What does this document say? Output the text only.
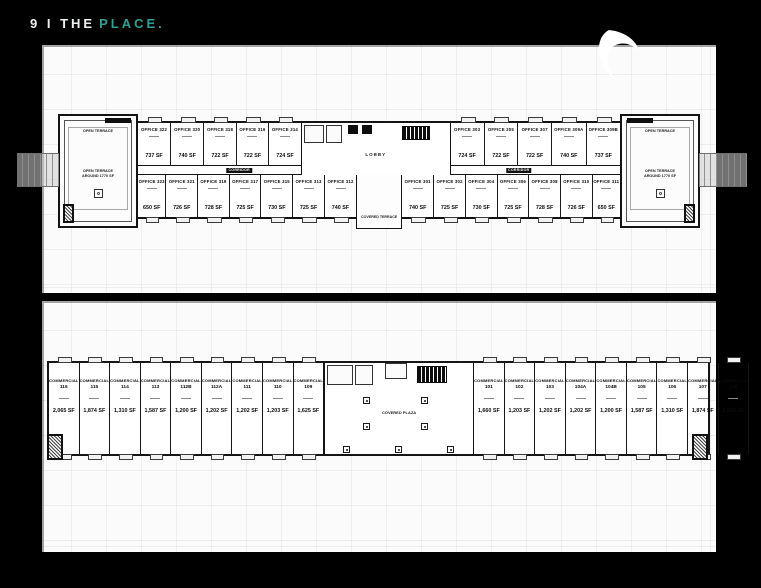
9 I THE PLACE.
OPEN TERRACE
OPEN TERRACE
AROUND 1770 SF
OFFICE 322
737 SF
OFFICE 320
740 SF
OFFICE 318
722 SF
OFFICE 316
722 SF
OFFICE 314
724 SF	LOBBY
OFFICE 303
724 SF
OFFICE 305
722 SF
OFFICE 307
722 SF
OFFICE 309A
740 SF
OFFICE 309B
737 SF
CORRIDOR	CORRIDOR
OFFICE 323
650 SF
OFFICE 321
726 SF
OFFICE 319
728 SF
OFFICE 317
725 SF
OFFICE 315
730 SF
OFFICE 313
725 SF
OFFICE 312
740 SF
COVERED TERRACE
OFFICE 301
740 SF
OFFICE 302
725 SF
OFFICE 304
730 SF
OFFICE 306
725 SF
OFFICE 308
728 SF
OFFICE 310
726 SF
OFFICE 311
650 SF
OPEN TERRACE
OPEN TERRACE
AROUND 1770 SF
COMMERCIAL
116
2,065 SF
COMMERCIAL
115
1,874 SF
COMMERCIAL
114
1,310 SF
COMMERCIAL
113
1,587 SF
COMMERCIAL
112B
1,200 SF
COMMERCIAL
112A
1,202 SF
COMMERCIAL
111
1,202 SF
COMMERCIAL
110
1,203 SF
COMMERCIAL
109
1,625 SF	COVERED PLAZA
COMMERCIAL
101
1,660 SF
COMMERCIAL
102
1,203 SF
COMMERCIAL
103
1,202 SF
COMMERCIAL
104A
1,202 SF
COMMERCIAL
104B
1,200 SF
COMMERCIAL
105
1,587 SF
COMMERCIAL
106
1,310 SF
COMMERCIAL
107
1,874 SF
COMMERCIAL
108
2,065 SF
